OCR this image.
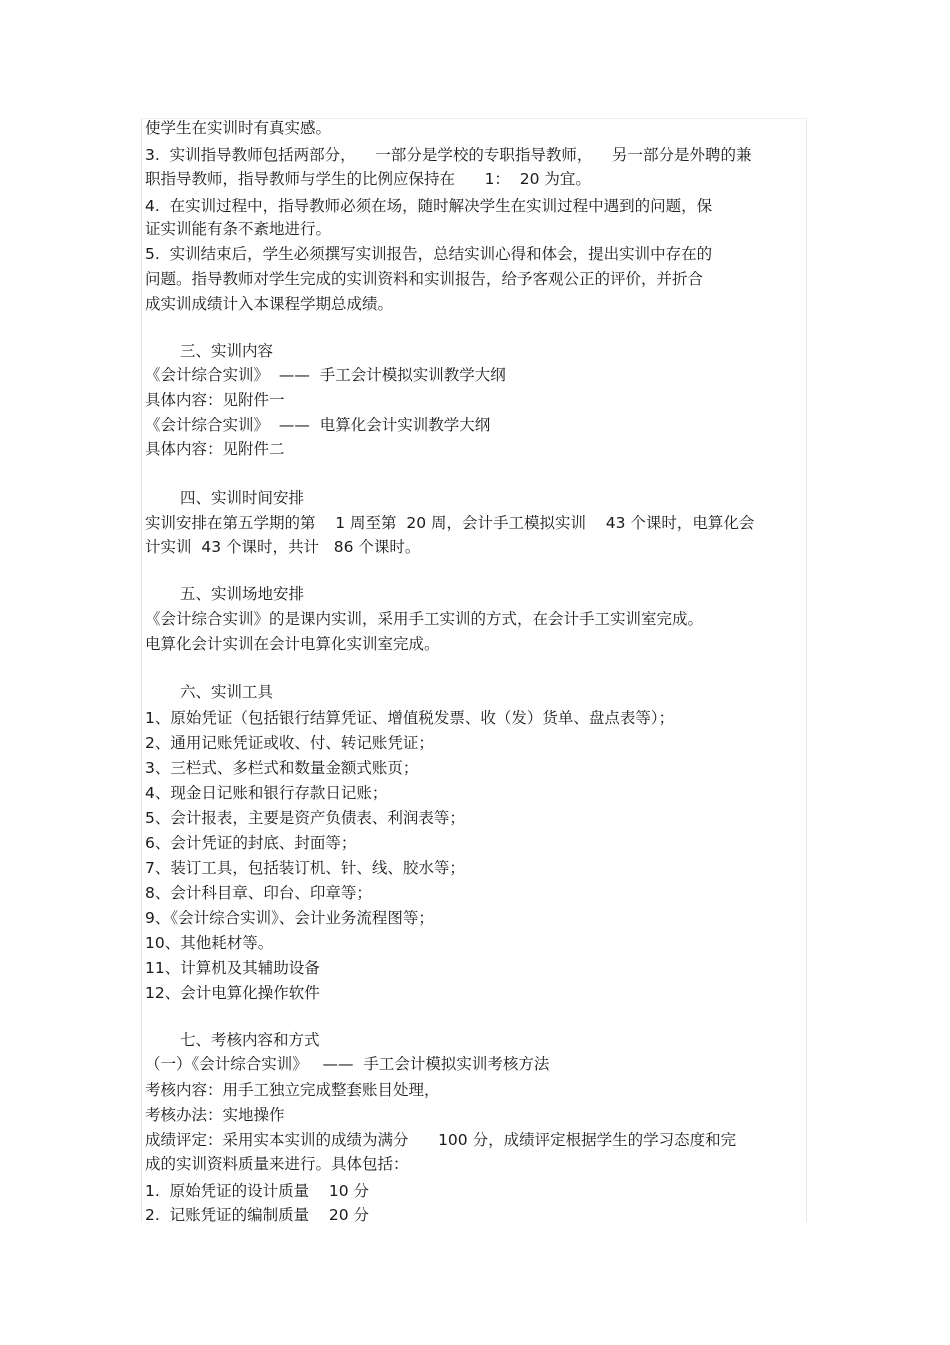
使学生在实训时有真实感。
3.  实训指导教师包括两部分，    一部分是学校的专职指导教师，    另一部分是外聘的兼
职指导教师，指导教师与学生的比例应保持在      1：  20 为宜。
4.  在实训过程中，指导教师必须在场，随时解决学生在实训过程中遇到的问题，保
证实训能有条不紊地进行。
5.  实训结束后，学生必须撰写实训报告，总结实训心得和体会，提出实训中存在的
问题。指导教师对学生完成的实训资料和实训报告，给予客观公正的评价，并折合
成实训成绩计入本课程学期总成绩。
三、实训内容
《会计综合实训》  ——  手工会计模拟实训教学大纲
具体内容：见附件一
《会计综合实训》  ——  电算化会计实训教学大纲
具体内容：见附件二
四、实训时间安排
实训安排在第五学期的第    1 周至第  20 周，会计手工模拟实训    43 个课时，电算化会
计实训  43 个课时，共计   86 个课时。
五、实训场地安排
《会计综合实训》的是课内实训，采用手工实训的方式，在会计手工实训室完成。
电算化会计实训在会计电算化实训室完成。
六、实训工具
1、原始凭证（包括银行结算凭证、增值税发票、收（发）货单、盘点表等）；
2、通用记账凭证或收、付、转记账凭证；
3、三栏式、多栏式和数量金额式账页；
4、现金日记账和银行存款日记账；
5、会计报表，主要是资产负债表、利润表等；
6、会计凭证的封底、封面等；
7、装订工具，包括装订机、针、线、胶水等；
8、会计科目章、印台、印章等；
9、《会计综合实训》、会计业务流程图等；
10、其他耗材等。
11、计算机及其辅助设备
12、会计电算化操作软件
七、考核内容和方式
（一）《会计综合实训》   ——  手工会计模拟实训考核方法
考核内容：用手工独立完成整套账目处理，
考核办法：实地操作
成绩评定：采用实本实训的成绩为满分      100 分，成绩评定根据学生的学习态度和完
成的实训资料质量来进行。具体包括：
1.  原始凭证的设计质量    10 分
2.  记账凭证的编制质量    20 分
